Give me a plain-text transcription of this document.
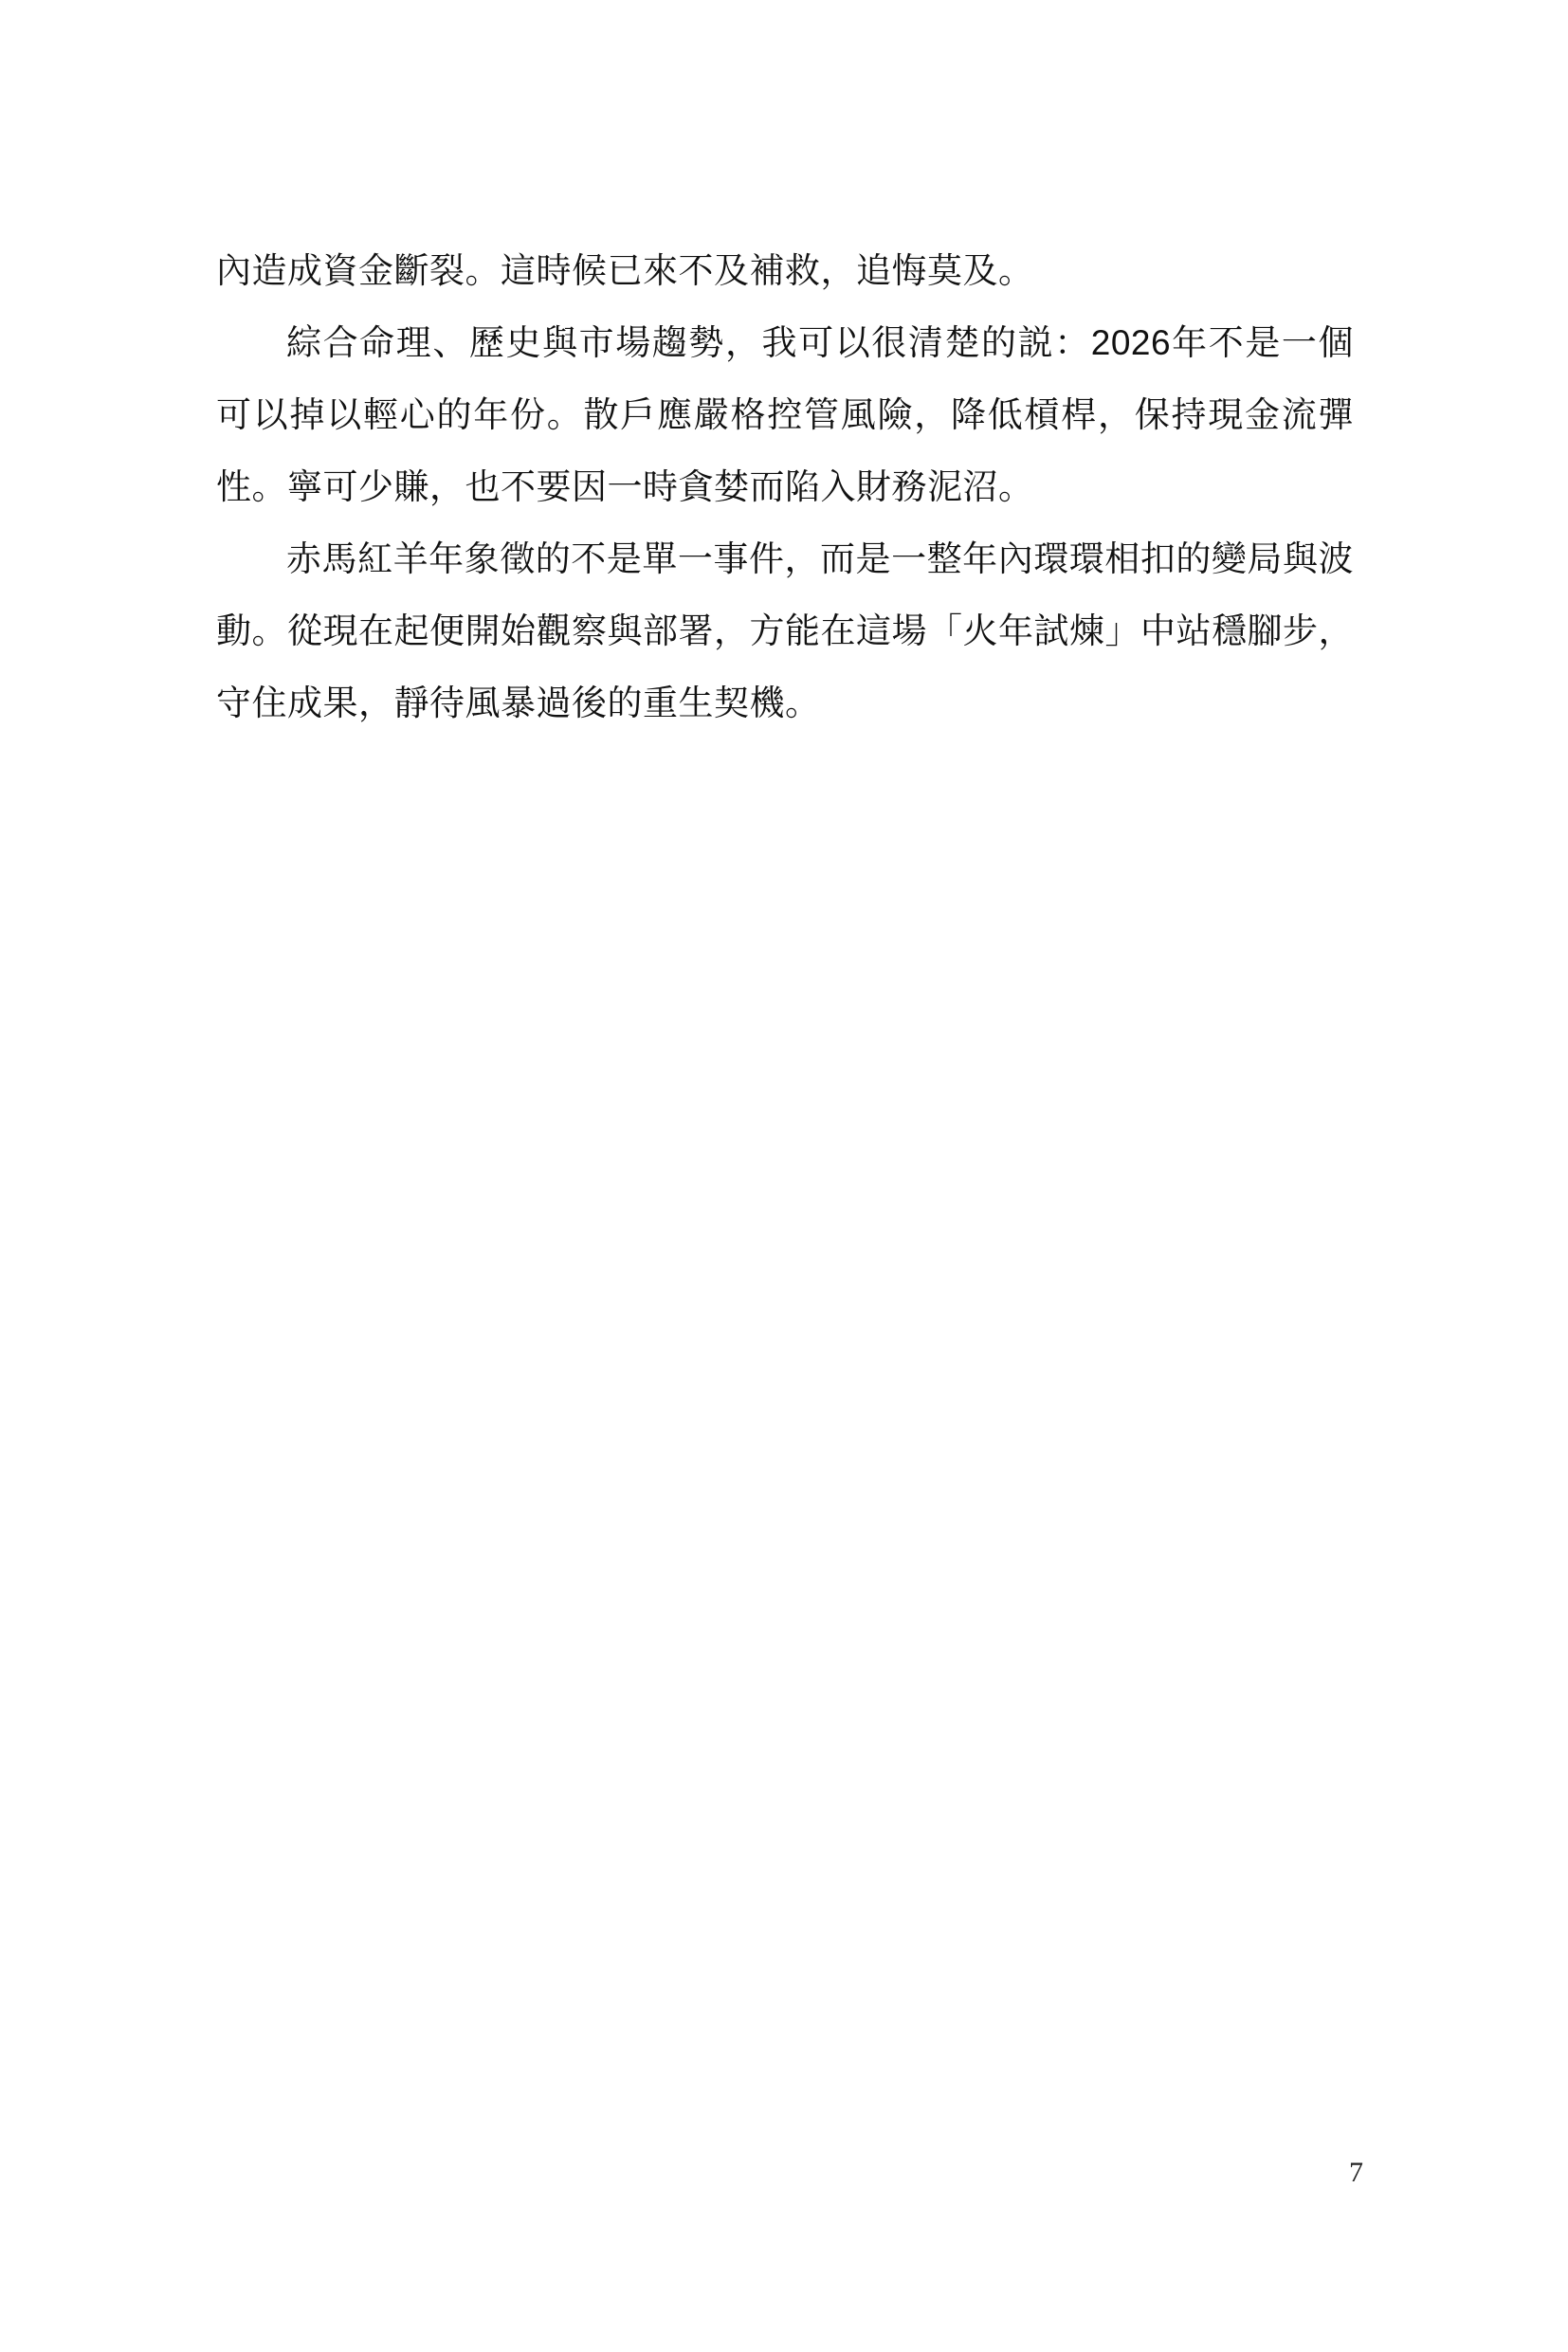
內造成資金斷裂。這時候已來不及補救，追悔莫及。

綜合命理、歷史與市場趨勢，我可以很清楚的説：2026年不是一個可以掉以輕心的年份。散戶應嚴格控管風險，降低槓桿，保持現金流彈性。寧可少賺，也不要因一時貪婪而陷入財務泥沼。

赤馬紅羊年象徵的不是單一事件，而是一整年內環環相扣的變局與波動。從現在起便開始觀察與部署，方能在這場「火年試煉」中站穩腳步，守住成果，靜待風暴過後的重生契機。

7
